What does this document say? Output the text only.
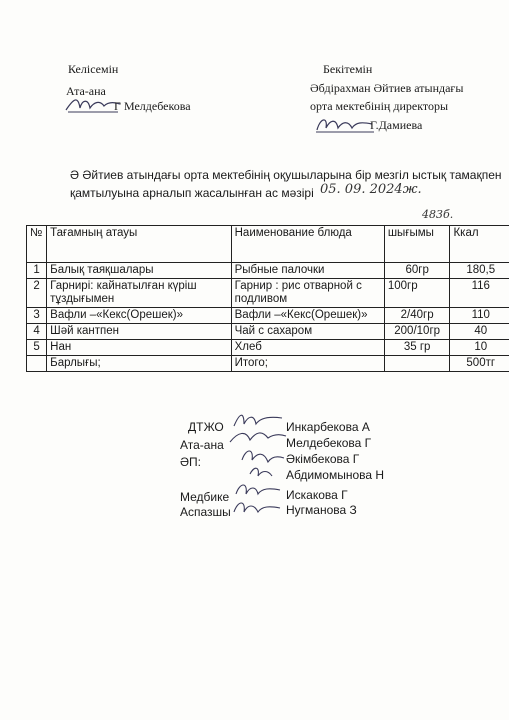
Келісемін
Ата-ана
Г Мелдебекова
Бекітемін
Әбдірахман Әйтиев атындағы
орта мектебінің директоры
Г.Дамиева
Ә Әйтиев атындағы орта мектебінің оқушыларына бір мезгіл ыстық тамақпен
қамтылуына арналып жасалынған ас мәзірі 05. 09. 2024ж.
483б.
№	Тағамның атауы	Наименование блюда	шығымы	Ккал
1	Балық таяқшалары	Рыбные палочки	60гр	180,5
2	Гарнирі: кайнатылған күріш тұздығымен	Гарнир : рис отварной с подливом	100гр	116
3	Вафли –«Кекс(Орешек)»	Вафли –«Кекс(Орешек)»	2/40гр	110
4	Шәй кантпен	Чай с сахаром	200/10гр	40
5	Нан	Хлеб	35 гр	10
	Барлығы;	Итого;		500тг
ДТЖО	Инкарбекова А
Ата-ана	Мелдебекова Г
ӘП:	Әкімбекова Г
Абдимомынова Н
Медбике	Искакова Г
Аспазшы	Нугманова З
